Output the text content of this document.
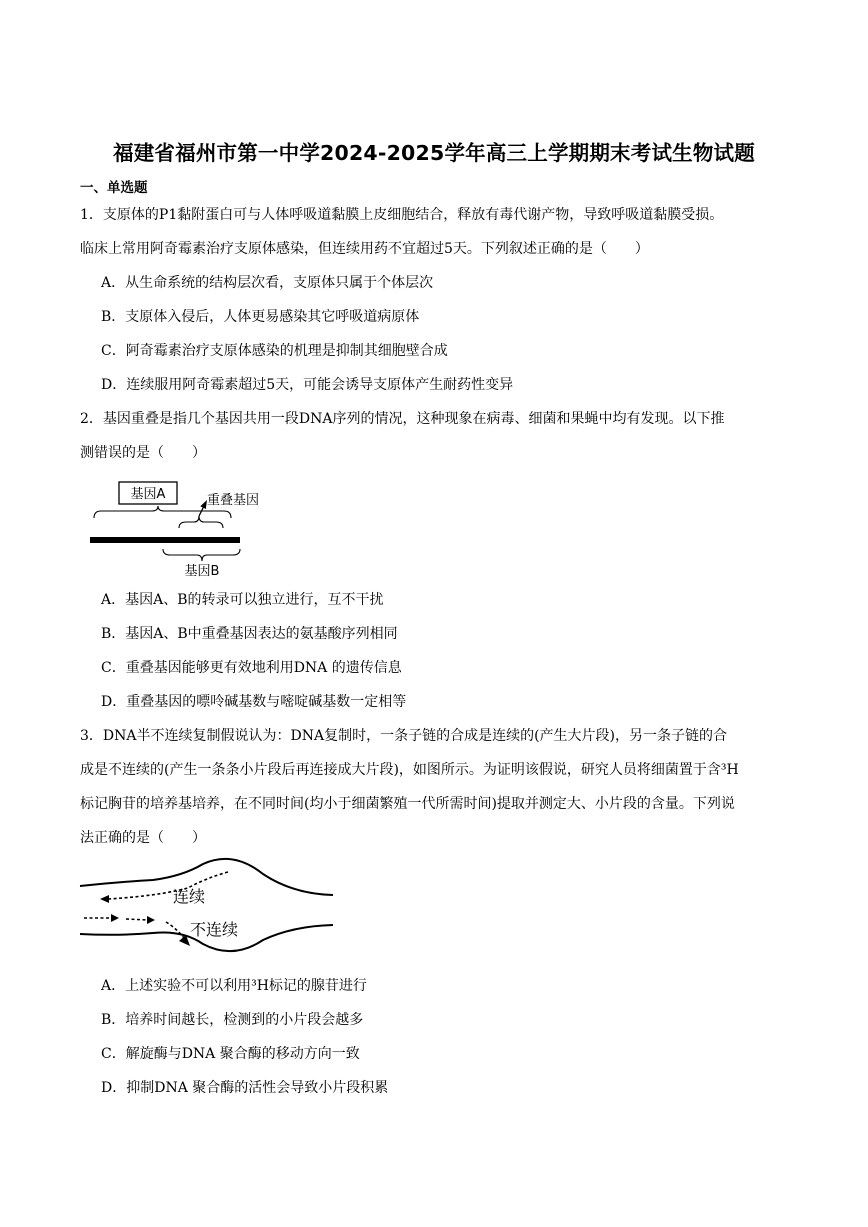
福建省福州市第一中学2024-2025学年高三上学期期末考试生物试题
一、单选题
1．支原体的P1黏附蛋白可与人体呼吸道黏膜上皮细胞结合，释放有毒代谢产物，导致呼吸道黏膜受损。
临床上常用阿奇霉素治疗支原体感染，但连续用药不宜超过5天。下列叙述正确的是（　　）
A．从生命系统的结构层次看，支原体只属于个体层次
B．支原体入侵后，人体更易感染其它呼吸道病原体
C．阿奇霉素治疗支原体感染的机理是抑制其细胞壁合成
D．连续服用阿奇霉素超过5天，可能会诱导支原体产生耐药性变异
2．基因重叠是指几个基因共用一段DNA序列的情况，这种现象在病毒、细菌和果蝇中均有发现。以下推
测错误的是（　　）
基因A	重叠基因
基因B
A．基因A、B的转录可以独立进行，互不干扰
B．基因A、B中重叠基因表达的氨基酸序列相同
C．重叠基因能够更有效地利用DNA 的遗传信息
D．重叠基因的嘌呤碱基数与嘧啶碱基数一定相等
3．DNA半不连续复制假说认为：DNA复制时，一条子链的合成是连续的(产生大片段)，另一条子链的合
成是不连续的(产生一条条小片段后再连接成大片段)，如图所示。为证明该假说，研究人员将细菌置于含³H
标记胸苷的培养基培养，在不同时间(均小于细菌繁殖一代所需时间)提取并测定大、小片段的含量。下列说
法正确的是（　　）
连续
不连续
A．上述实验不可以利用³H标记的腺苷进行
B．培养时间越长，检测到的小片段会越多
C．解旋酶与DNA 聚合酶的移动方向一致
D．抑制DNA 聚合酶的活性会导致小片段积累
